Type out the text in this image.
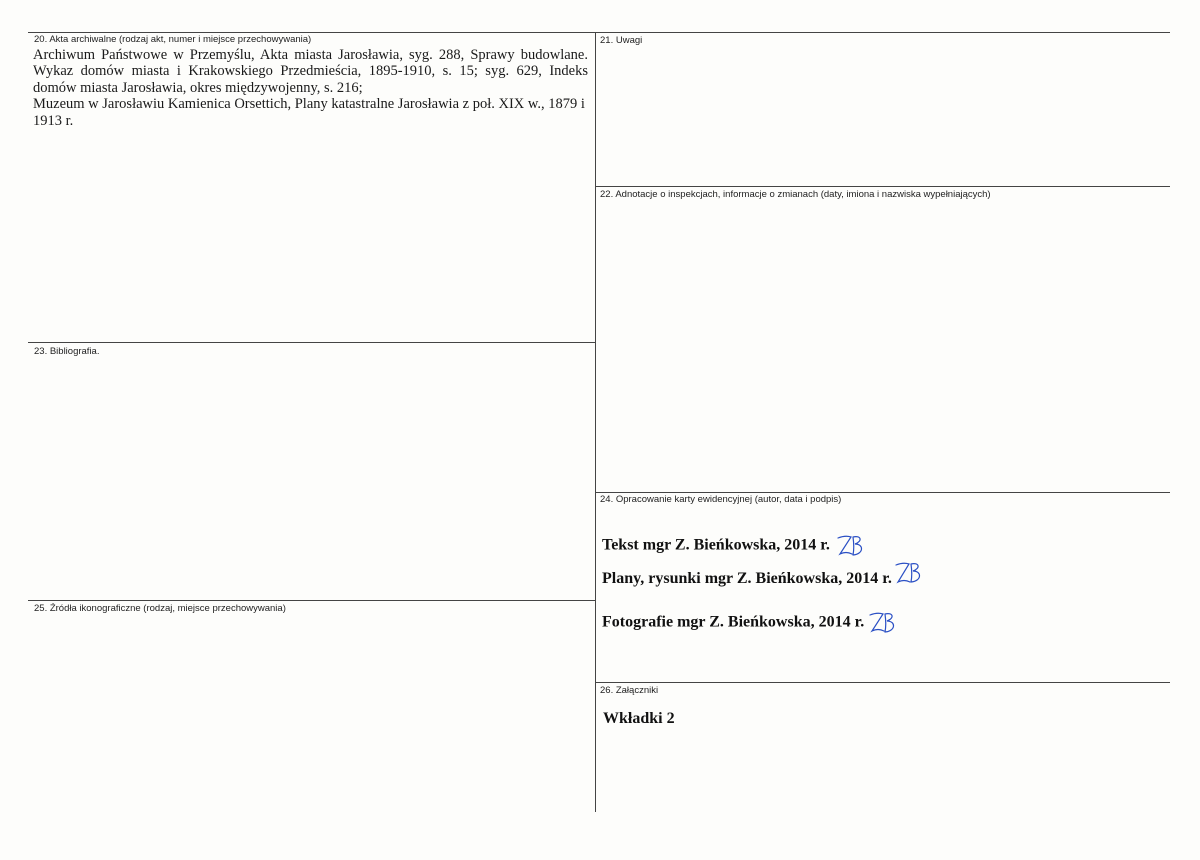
20. Akta archiwalne (rodzaj akt, numer i miejsce przechowywania)

Archiwum Państwowe w Przemyślu, Akta miasta Jarosławia, syg. 288, Sprawy budowlane. Wykaz domów miasta i Krakowskiego Przedmieścia, 1895-1910, s. 15; syg. 629, Indeks domów miasta Jarosławia, okres międzywojenny, s. 216;

Muzeum w Jarosławiu Kamienica Orsettich, Plany katastralne Jarosławia z poł. XIX w., 1879 i 1913 r.

21. Uwagi
22. Adnotacje o inspekcjach, informacje o zmianach (daty, imiona i nazwiska wypełniających)
23. Bibliografia.
24. Opracowanie karty ewidencyjnej (autor, data i podpis)
Tekst mgr Z. Bieńkowska, 2014 r.
Plany, rysunki mgr Z. Bieńkowska, 2014 r.
Fotografie mgr Z. Bieńkowska, 2014 r.
25. Źródła ikonograficzne (rodzaj, miejsce przechowywania)
26. Załączniki
Wkładki 2
